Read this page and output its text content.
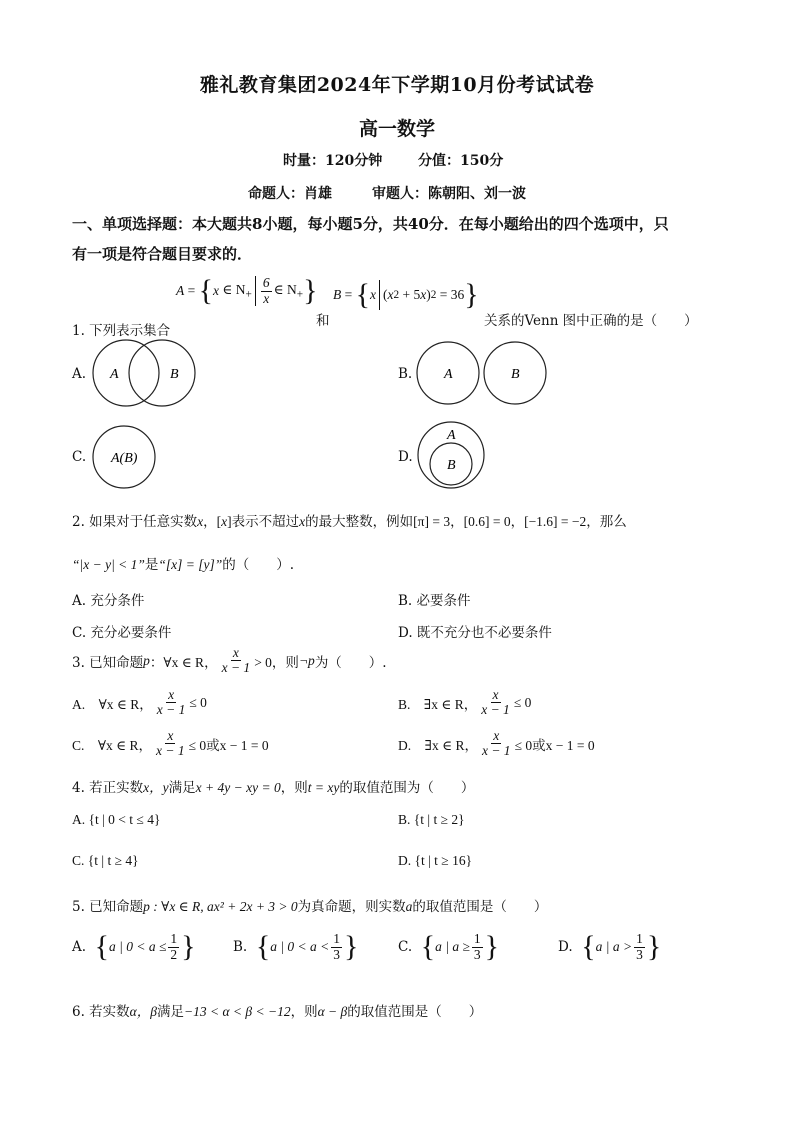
雅礼教育集团2024年下学期10月份考试试卷
高一数学
时量：120分钟	分值：150分
命题人：肖雄	审题人：陈朝阳、刘一波
一、单项选择题：本大题共8小题，每小题5分，共40分．在每小题给出的四个选项中，只
有一项是符合题目要求的．
1. 下列表示集合
A = { x ∈ $N_+ \frac{6}{x}$ ∈ $N_+$ }
和
B = { x ( x 2 + 5 x ) 2 = 36 }
关系的Venn 图中正确的是（　　）
A. A	B	B. A	B
C. A(B)	D.
A
B
2. 如果对于任意实数x，[x]表示不超过x的最大整数，例如[π] = 3，[0.6] = 0，[−1.6] = −2，那么
“|x − y| < 1”是“[x] = [y]”的（　　）.
A. 充分条件	B. 必要条件
C. 充分必要条件	D. 既不充分也不必要条件
3. 已知命题 p ：∀x ∈ R， $\frac{x}{x - 1} > 0$，则 ¬p 为（　　）.
A.　∀x ∈ R， $\frac{x}{x - 1} \le 0$	B.　∃x ∈ R， $\frac{x}{x - 1} \le 0$
C.　∀x ∈ R， $\frac{x}{x - 1} \le 0$或x − 1 = 0	D.　∃x ∈ R， $\frac{x}{x - 1} \le 0$或x − 1 = 0
4. 若正实数x，y满足x + 4y − xy = 0，则t = xy的取值范围为（　　）
A. {t | 0 < t ≤ 4}	B. {t | t ≥ 2}
C. {t | t ≥ 4}	D. {t | t ≥ 16}
5. 已知命题p : ∀x ∈ R, ax² + 2x + 3 > 0为真命题，则实数a的取值范围是（　　）
A.
{ a | $0 < a \le \frac{1}{2}$ }	B.
{ a | $0 < a < \frac{1}{3}$ }	C.
{ a | $a \ge \frac{1}{3}$ }	D.
{ a | $a > \frac{1}{3}$ }
6. 若实数α，β满足−13 < α < β < −12，则α − β的取值范围是（　　）
